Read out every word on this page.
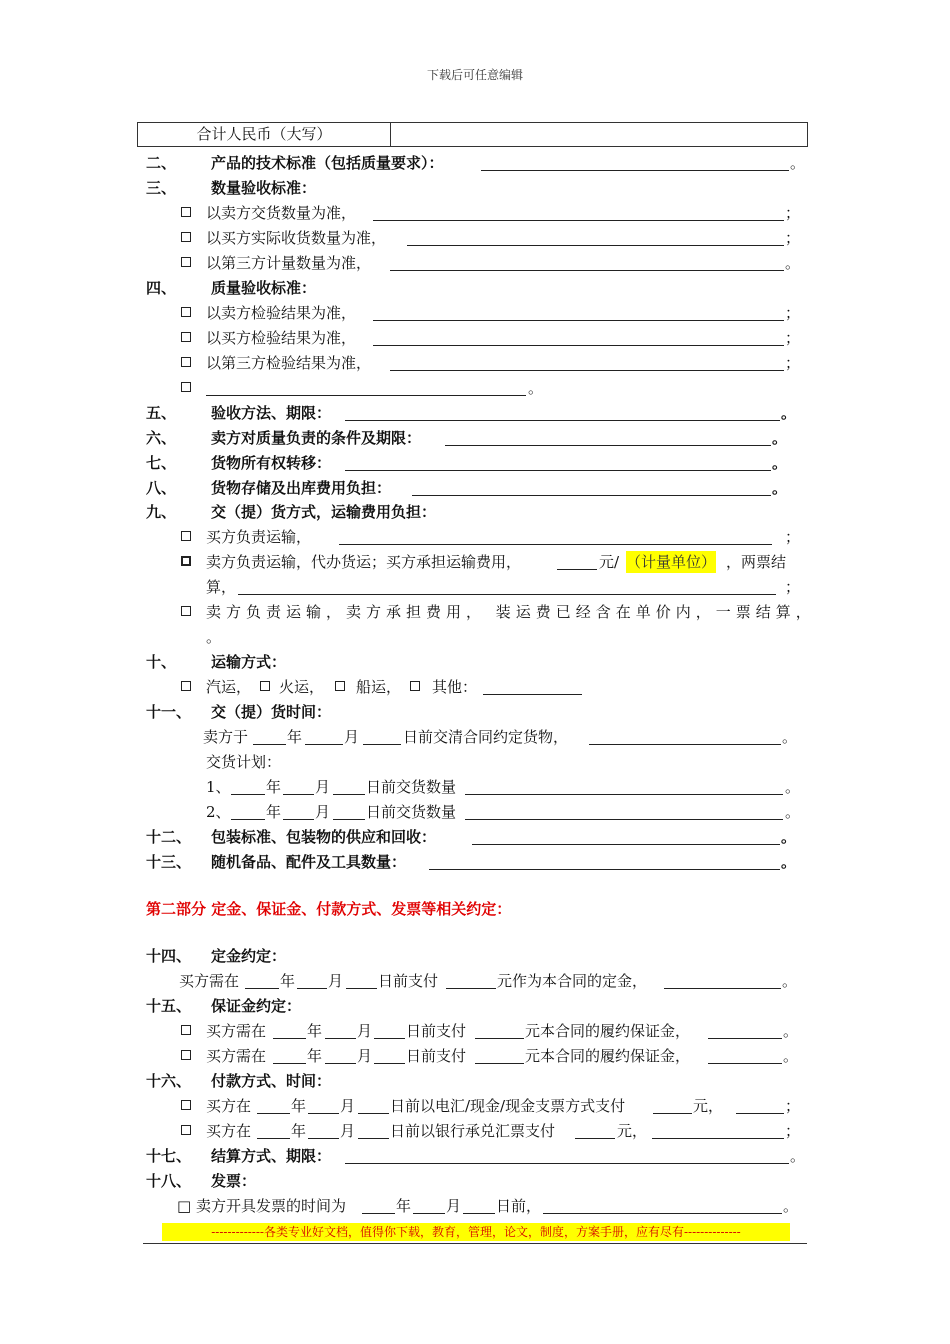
下载后可任意编辑
合计人民币（大写）
二、 产品的技术标准（包括质量要求）：	。
三、 数量验收标准：
以卖方交货数量为准，	；
以买方实际收货数量为准，	；
以第三方计量数量为准，	。
四、 质量验收标准：
以卖方检验结果为准，	；
以买方检验结果为准，	；
以第三方检验结果为准，	；
。
五、 验收方法、期限：	。
六、 卖方对质量负责的条件及期限：	。
七、 货物所有权转移：	。
八、 货物存储及出库费用负担：	。
九、 交（提）货方式，运输费用负担：
买方负责运输，	；
卖方负责运输，代办货运；买方承担运输费用，	元/ （计量单位） ，两票结
算，	；
卖方负责运输，卖方承担费用， 装运费已经含在单价内，一票结算，
。
十、 运输方式：
汽运， 火运， 船运， 其他：
十一、 交（提）货时间：
卖方于	年	月	日前交清合同约定货物，	。
交货计划：
1、 年 月 日前交货数量	。
2、 年 月 日前交货数量	。
十二、 包装标准、包装物的供应和回收：	。
十三、 随机备品、配件及工具数量：	。
第二部分 定金、保证金、付款方式、发票等相关约定：
十四、 定金约定：
买方需在	年 月 日前支付	元作为本合同的定金，	。
十五、 保证金约定：
买方需在	年 月 日前支付	元本合同的履约保证金，	。
买方需在	年 月 日前支付	元本合同的履约保证金，	。
十六、 付款方式、时间：
买方在	年 月 日前以电汇/现金/现金支票方式支付	元，	；
买方在	年 月 日前以银行承兑汇票支付	元，	；
十七、 结算方式、期限：	。
十八、 发票：
□ 卖方开具发票的时间为	年 月 日前，	。
-------------各类专业好文档，值得你下载，教育，管理，论文，制度，方案手册，应有尽有--------------
